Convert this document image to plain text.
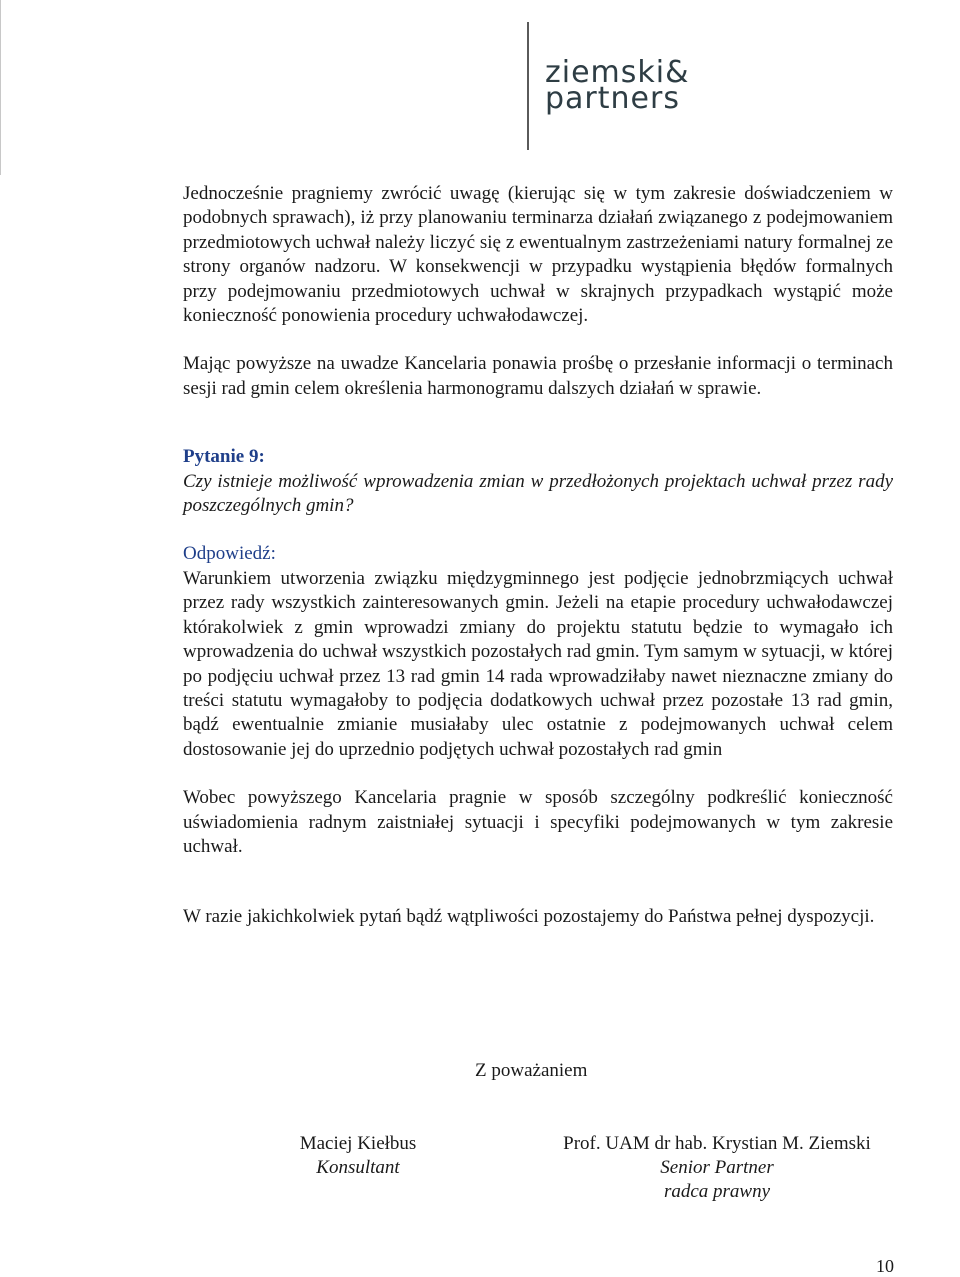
ziemski&
partners

Jednocześnie pragniemy zwrócić uwagę (kierując się w tym zakresie doświadczeniem w podobnych sprawach), iż przy planowaniu terminarza działań związanego z podejmowaniem przedmiotowych uchwał należy liczyć się z ewentualnym zastrzeżeniami natury formalnej ze strony organów nadzoru. W konsekwencji w przypadku wystąpienia błędów formalnych przy podejmowaniu przedmiotowych uchwał w skrajnych przypadkach wystąpić może konieczność ponowienia procedury uchwałodawczej.

Mając powyższe na uwadze Kancelaria ponawia prośbę o przesłanie informacji o terminach sesji rad gmin celem określenia harmonogramu dalszych działań w sprawie.

Pytanie 9:

Czy istnieje możliwość wprowadzenia zmian w przedłożonych projektach uchwał przez rady poszczególnych gmin?

Odpowiedź:

Warunkiem utworzenia związku międzygminnego jest podjęcie jednobrzmiących uchwał przez rady wszystkich zainteresowanych gmin. Jeżeli na etapie procedury uchwałodawczej którakolwiek z gmin wprowadzi zmiany do projektu statutu będzie to wymagało ich wprowadzenia do uchwał wszystkich pozostałych rad gmin. Tym samym w sytuacji, w której po podjęciu uchwał przez 13 rad gmin 14 rada wprowadziłaby nawet nieznaczne zmiany do treści statutu wymagałoby to podjęcia dodatkowych uchwał przez pozostałe 13 rad gmin, bądź ewentualnie zmianie musiałaby ulec ostatnie z podejmowanych uchwał celem dostosowanie jej do uprzednio podjętych uchwał pozostałych rad gmin

Wobec powyższego Kancelaria pragnie w sposób szczególny podkreślić konieczność uświadomienia radnym zaistniałej sytuacji i specyfiki podejmowanych w tym zakresie uchwał.

W razie jakichkolwiek pytań bądź wątpliwości pozostajemy do Państwa pełnej dyspozycji.

Z poważaniem
Maciej Kiełbus
Konsultant
Prof. UAM dr hab. Krystian M. Ziemski
Senior Partner
radca prawny
10
